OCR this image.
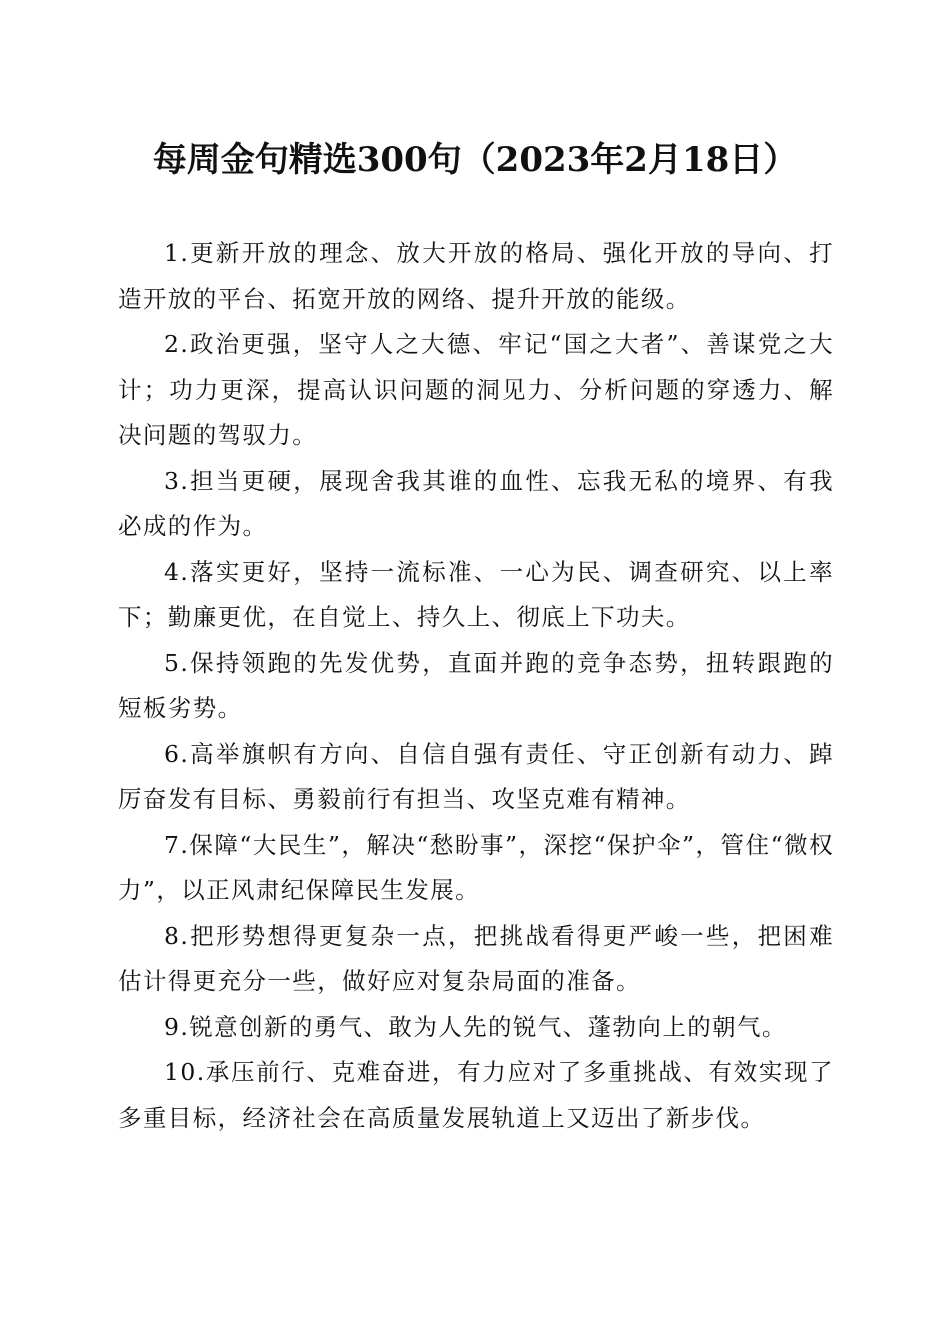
每周金句精选300句（2023年2月18日）

1.更新开放的理念、放大开放的格局、强化开放的导向、打造开放的平台、拓宽开放的网络、提升开放的能级。

2.政治更强，坚守人之大德、牢记“国之大者”、善谋党之大计；功力更深，提高认识问题的洞见力、分析问题的穿透力、解决问题的驾驭力。

3.担当更硬，展现舍我其谁的血性、忘我无私的境界、有我必成的作为。

4.落实更好，坚持一流标准、一心为民、调查研究、以上率下；勤廉更优，在自觉上、持久上、彻底上下功夫。

5.保持领跑的先发优势，直面并跑的竞争态势，扭转跟跑的短板劣势。

6.高举旗帜有方向、自信自强有责任、守正创新有动力、踔厉奋发有目标、勇毅前行有担当、攻坚克难有精神。

7.保障“大民生”，解决“愁盼事”，深挖“保护伞”，管住“微权力”，以正风肃纪保障民生发展。

8.把形势想得更复杂一点，把挑战看得更严峻一些，把困难估计得更充分一些，做好应对复杂局面的准备。

9.锐意创新的勇气、敢为人先的锐气、蓬勃向上的朝气。

10.承压前行、克难奋进，有力应对了多重挑战、有效实现了多重目标，经济社会在高质量发展轨道上又迈出了新步伐。
